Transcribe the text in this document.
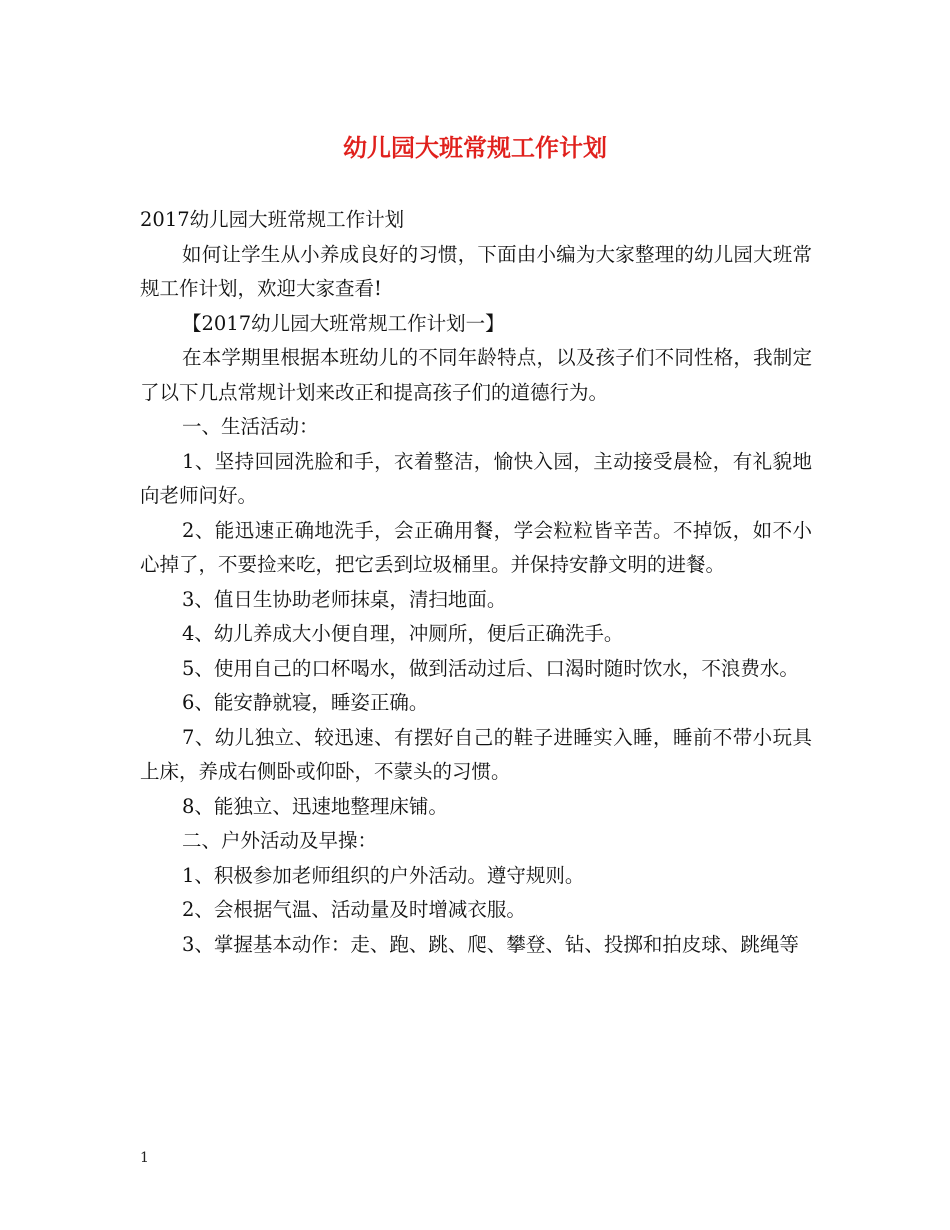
幼儿园大班常规工作计划

2017幼儿园大班常规工作计划

如何让学生从小养成良好的习惯，下面由小编为大家整理的幼儿园大班常规工作计划，欢迎大家查看!

【2017幼儿园大班常规工作计划一】

在本学期里根据本班幼儿的不同年龄特点，以及孩子们不同性格，我制定了以下几点常规计划来改正和提高孩子们的道德行为。

一、生活活动：

1、坚持回园洗脸和手，衣着整洁，愉快入园，主动接受晨检，有礼貌地向老师问好。

2、能迅速正确地洗手，会正确用餐，学会粒粒皆辛苦。不掉饭，如不小心掉了，不要捡来吃，把它丢到垃圾桶里。并保持安静文明的进餐。

3、值日生协助老师抹桌，清扫地面。

4、幼儿养成大小便自理，冲厕所，便后正确洗手。

5、使用自己的口杯喝水，做到活动过后、口渴时随时饮水，不浪费水。

6、能安静就寝，睡姿正确。

7、幼儿独立、较迅速、有摆好自己的鞋子进睡实入睡，睡前不带小玩具上床，养成右侧卧或仰卧，不蒙头的习惯。

8、能独立、迅速地整理床铺。

二、户外活动及早操：

1、积极参加老师组织的户外活动。遵守规则。

2、会根据气温、活动量及时增减衣服。

3、掌握基本动作：走、跑、跳、爬、攀登、钻、投掷和拍皮球、跳绳等

1
